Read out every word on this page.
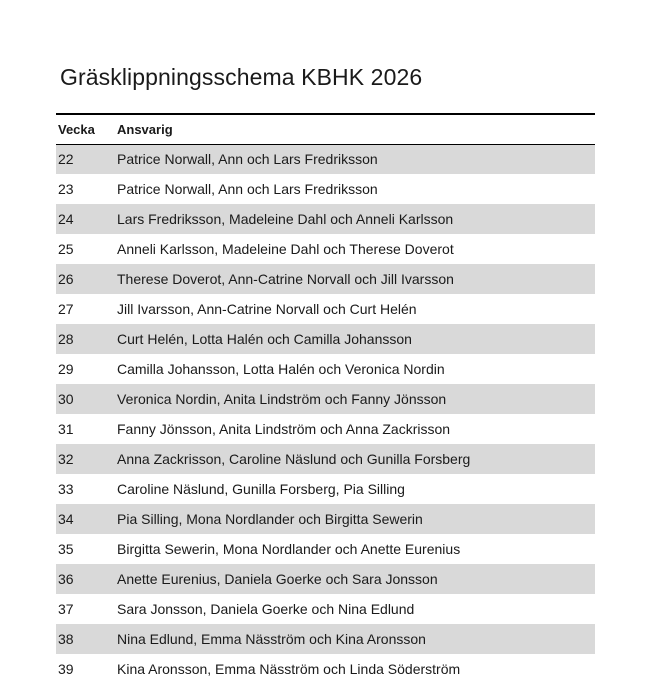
Gräsklippningsschema KBHK 2026
Vecka	Ansvarig
22	Patrice Norwall, Ann och Lars Fredriksson
23	Patrice Norwall, Ann och Lars Fredriksson
24	Lars Fredriksson, Madeleine Dahl och Anneli Karlsson
25	Anneli Karlsson, Madeleine Dahl och Therese Doverot
26	Therese Doverot, Ann-Catrine Norvall och Jill Ivarsson
27	Jill Ivarsson, Ann-Catrine Norvall och Curt Helén
28	Curt Helén, Lotta Halén och Camilla Johansson
29	Camilla Johansson, Lotta Halén och Veronica Nordin
30	Veronica Nordin, Anita Lindström och Fanny Jönsson
31	Fanny Jönsson, Anita Lindström och Anna Zackrisson
32	Anna Zackrisson, Caroline Näslund och Gunilla Forsberg
33	Caroline Näslund, Gunilla Forsberg, Pia Silling
34	Pia Silling, Mona Nordlander och Birgitta Sewerin
35	Birgitta Sewerin, Mona Nordlander och Anette Eurenius
36	Anette Eurenius, Daniela Goerke och Sara Jonsson
37	Sara Jonsson, Daniela Goerke och Nina Edlund
38	Nina Edlund, Emma Näsström och Kina Aronsson
39	Kina Aronsson, Emma Näsström och Linda Söderström
